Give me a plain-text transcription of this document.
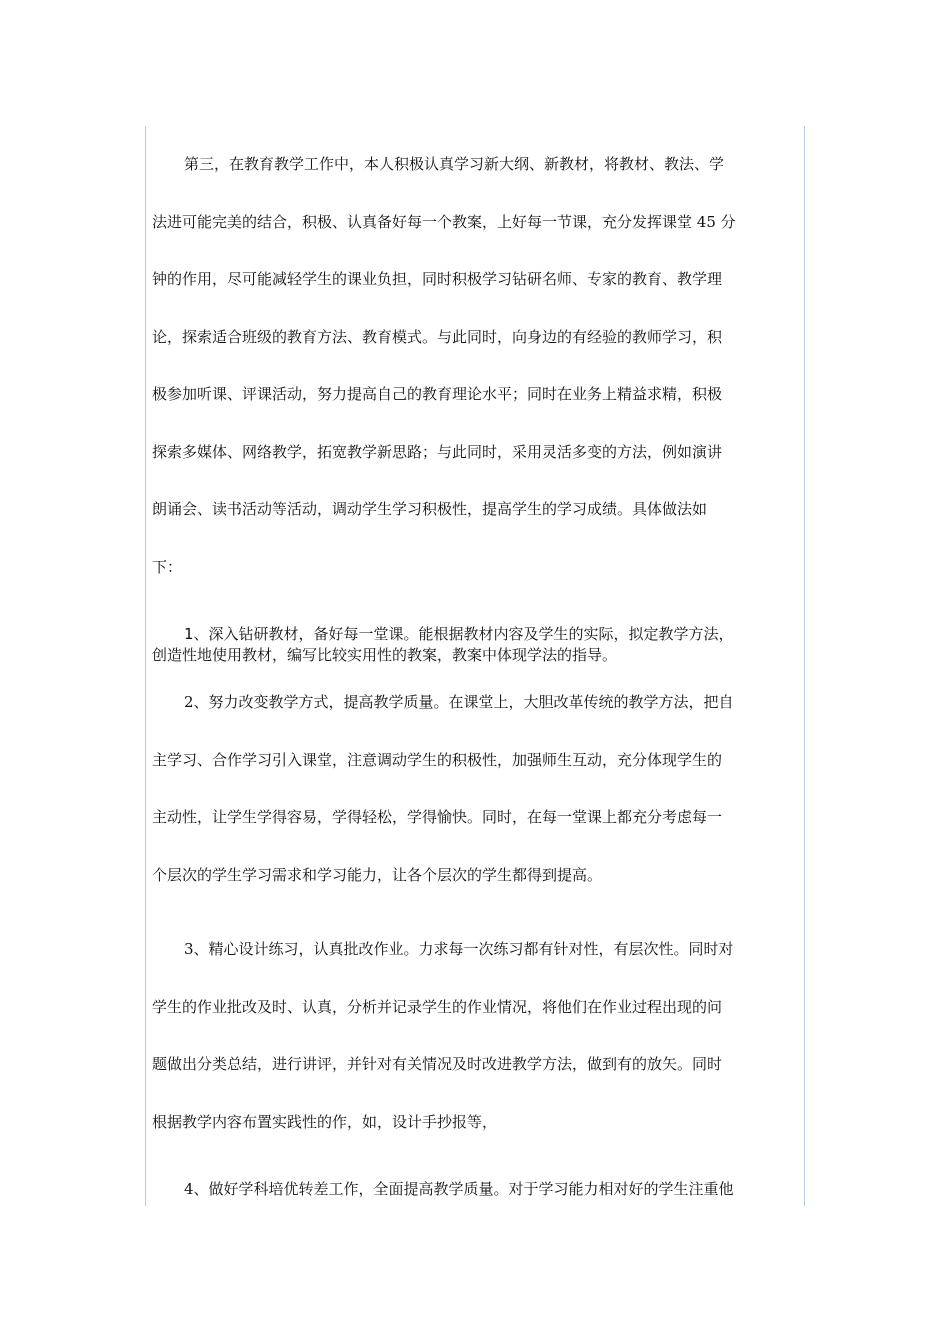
第三，在教育教学工作中，本人积极认真学习新大纲、新教材，将教材、教法、学
法进可能完美的结合，积极、认真备好每一个教案，上好每一节课，充分发挥课堂 45 分
钟的作用，尽可能减轻学生的课业负担，同时积极学习钻研名师、专家的教育、教学理
论，探索适合班级的教育方法、教育模式。与此同时，向身边的有经验的教师学习，积
极参加听课、评课活动，努力提高自己的教育理论水平；同时在业务上精益求精，积极
探索多媒体、网络教学，拓宽教学新思路；与此同时，采用灵活多变的方法，例如演讲
朗诵会、读书活动等活动，调动学生学习积极性，提高学生的学习成绩。具体做法如
下：
1、深入钻研教材，备好每一堂课。能根据教材内容及学生的实际，拟定教学方法，
创造性地使用教材，编写比较实用性的教案，教案中体现学法的指导。
2、努力改变教学方式，提高教学质量。在课堂上，大胆改革传统的教学方法，把自
主学习、合作学习引入课堂，注意调动学生的积极性，加强师生互动，充分体现学生的
主动性，让学生学得容易，学得轻松，学得愉快。同时，在每一堂课上都充分考虑每一
个层次的学生学习需求和学习能力，让各个层次的学生都得到提高。
3、精心设计练习，认真批改作业。力求每一次练习都有针对性，有层次性。同时对
学生的作业批改及时、认真，分析并记录学生的作业情况，将他们在作业过程出现的问
题做出分类总结，进行讲评，并针对有关情况及时改进教学方法，做到有的放矢。同时
根据教学内容布置实践性的作，如，设计手抄报等，
4、做好学科培优转差工作，全面提高教学质量。对于学习能力相对好的学生注重他
